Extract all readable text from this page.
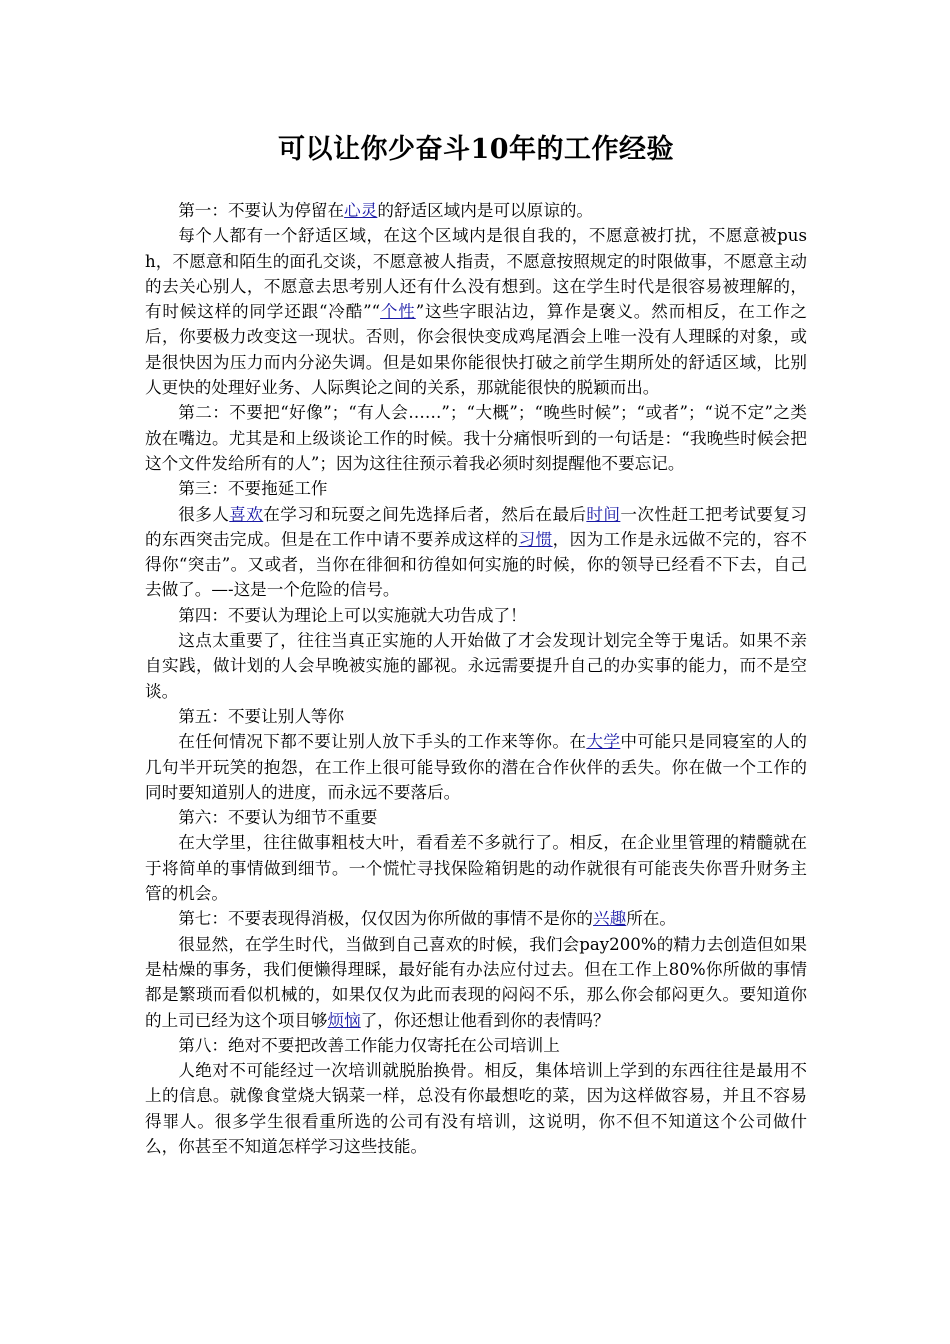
可以让你少奋斗10年的工作经验

第一：不要认为停留在心灵的舒适区域内是可以原谅的。

每个人都有一个舒适区域，在这个区域内是很自我的，不愿意被打扰，不愿意被push，不愿意和陌生的面孔交谈，不愿意被人指责，不愿意按照规定的时限做事，不愿意主动的去关心别人，不愿意去思考别人还有什么没有想到。这在学生时代是很容易被理解的，有时候这样的同学还跟“冷酷”“个性”这些字眼沾边，算作是褒义。然而相反，在工作之后，你要极力改变这一现状。否则，你会很快变成鸡尾酒会上唯一没有人理睬的对象，或是很快因为压力而内分泌失调。但是如果你能很快打破之前学生期所处的舒适区域，比别人更快的处理好业务、人际舆论之间的关系，那就能很快的脱颖而出。

第二：不要把“好像”；“有人会……”；“大概”；“晚些时候”；“或者”；“说不定”之类放在嘴边。尤其是和上级谈论工作的时候。我十分痛恨听到的一句话是：“我晚些时候会把这个文件发给所有的人”；因为这往往预示着我必须时刻提醒他不要忘记。

第三：不要拖延工作

很多人喜欢在学习和玩耍之间先选择后者，然后在最后时间一次性赶工把考试要复习的东西突击完成。但是在工作中请不要养成这样的习惯，因为工作是永远做不完的，容不得你“突击”。又或者，当你在徘徊和彷徨如何实施的时候，你的领导已经看不下去，自己去做了。—-这是一个危险的信号。

第四：不要认为理论上可以实施就大功告成了！

这点太重要了，往往当真正实施的人开始做了才会发现计划完全等于鬼话。如果不亲自实践，做计划的人会早晚被实施的鄙视。永远需要提升自己的办实事的能力，而不是空谈。

第五：不要让别人等你

在任何情况下都不要让别人放下手头的工作来等你。在大学中可能只是同寝室的人的几句半开玩笑的抱怨，在工作上很可能导致你的潜在合作伙伴的丢失。你在做一个工作的同时要知道别人的进度，而永远不要落后。

第六：不要认为细节不重要

在大学里，往往做事粗枝大叶，看看差不多就行了。相反，在企业里管理的精髓就在于将简单的事情做到细节。一个慌忙寻找保险箱钥匙的动作就很有可能丧失你晋升财务主管的机会。

第七：不要表现得消极，仅仅因为你所做的事情不是你的兴趣所在。

很显然，在学生时代，当做到自己喜欢的时候，我们会pay200%的精力去创造但如果是枯燥的事务，我们便懒得理睬，最好能有办法应付过去。但在工作上80%你所做的事情都是繁琐而看似机械的，如果仅仅为此而表现的闷闷不乐，那么你会郁闷更久。要知道你的上司已经为这个项目够烦恼了，你还想让他看到你的表情吗？

第八：绝对不要把改善工作能力仅寄托在公司培训上

人绝对不可能经过一次培训就脱胎换骨。相反，集体培训上学到的东西往往是最用不上的信息。就像食堂烧大锅菜一样，总没有你最想吃的菜，因为这样做容易，并且不容易得罪人。很多学生很看重所选的公司有没有培训，这说明，你不但不知道这个公司做什么，你甚至不知道怎样学习这些技能。
